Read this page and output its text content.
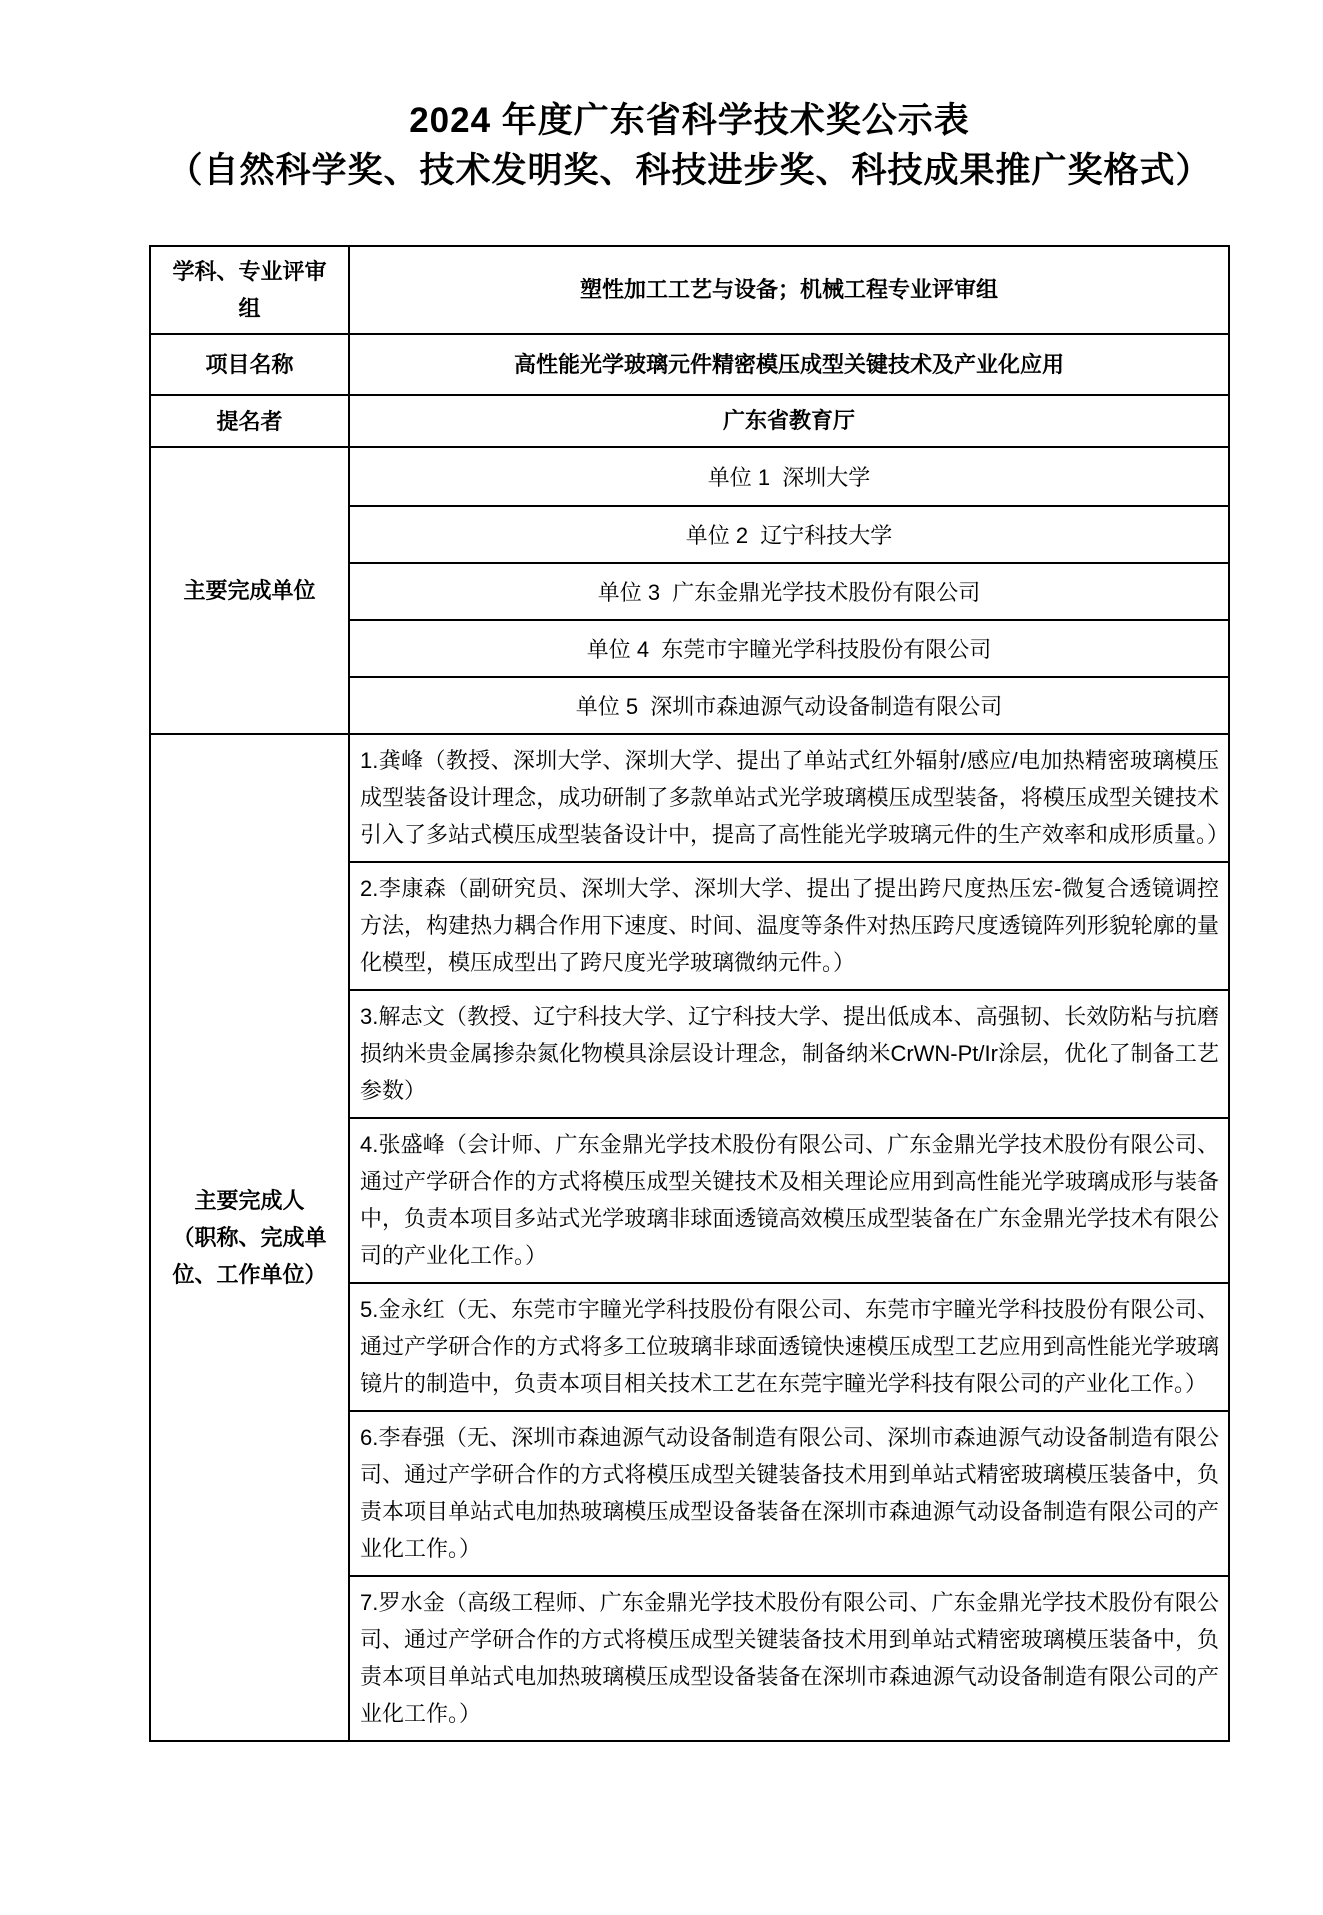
2024 年度广东省科学技术奖公示表
（自然科学奖、技术发明奖、科技进步奖、科技成果推广奖格式）
学科、专业评审组
塑性加工工艺与设备；机械工程专业评审组
项目名称	高性能光学玻璃元件精密模压成型关键技术及产业化应用
提名者	广东省教育厅
主要完成单位
单位 1  深圳大学
单位 2  辽宁科技大学
单位 3  广东金鼎光学技术股份有限公司
单位 4  东莞市宇瞳光学科技股份有限公司
单位 5  深圳市森迪源气动设备制造有限公司
主要完成人
（职称、完成单位、工作单位）
1.龚峰（教授、深圳大学、深圳大学、提出了单站式红外辐射/感应/电加热精密玻璃模压成型装备设计理念，成功研制了多款单站式光学玻璃模压成型装备，将模压成型关键技术引入了多站式模压成型装备设计中，提高了高性能光学玻璃元件的生产效率和成形质量。）
2.李康森（副研究员、深圳大学、深圳大学、提出了提出跨尺度热压宏-微复合透镜调控方法，构建热力耦合作用下速度、时间、温度等条件对热压跨尺度透镜阵列形貌轮廓的量化模型，模压成型出了跨尺度光学玻璃微纳元件。）
3.解志文（教授、辽宁科技大学、辽宁科技大学、提出低成本、高强韧、长效防粘与抗磨损纳米贵金属掺杂氮化物模具涂层设计理念，制备纳米CrWN-Pt/Ir涂层，优化了制备工艺参数）
4.张盛峰（会计师、广东金鼎光学技术股份有限公司、广东金鼎光学技术股份有限公司、通过产学研合作的方式将模压成型关键技术及相关理论应用到高性能光学玻璃成形与装备中，负责本项目多站式光学玻璃非球面透镜高效模压成型装备在广东金鼎光学技术有限公司的产业化工作。）
5.金永红（无、东莞市宇瞳光学科技股份有限公司、东莞市宇瞳光学科技股份有限公司、通过产学研合作的方式将多工位玻璃非球面透镜快速模压成型工艺应用到高性能光学玻璃镜片的制造中，负责本项目相关技术工艺在东莞宇瞳光学科技有限公司的产业化工作。）
6.李春强（无、深圳市森迪源气动设备制造有限公司、深圳市森迪源气动设备制造有限公司、通过产学研合作的方式将模压成型关键装备技术用到单站式精密玻璃模压装备中，负责本项目单站式电加热玻璃模压成型设备装备在深圳市森迪源气动设备制造有限公司的产业化工作。）
7.罗水金（高级工程师、广东金鼎光学技术股份有限公司、广东金鼎光学技术股份有限公司、通过产学研合作的方式将模压成型关键装备技术用到单站式精密玻璃模压装备中，负责本项目单站式电加热玻璃模压成型设备装备在深圳市森迪源气动设备制造有限公司的产业化工作。）
